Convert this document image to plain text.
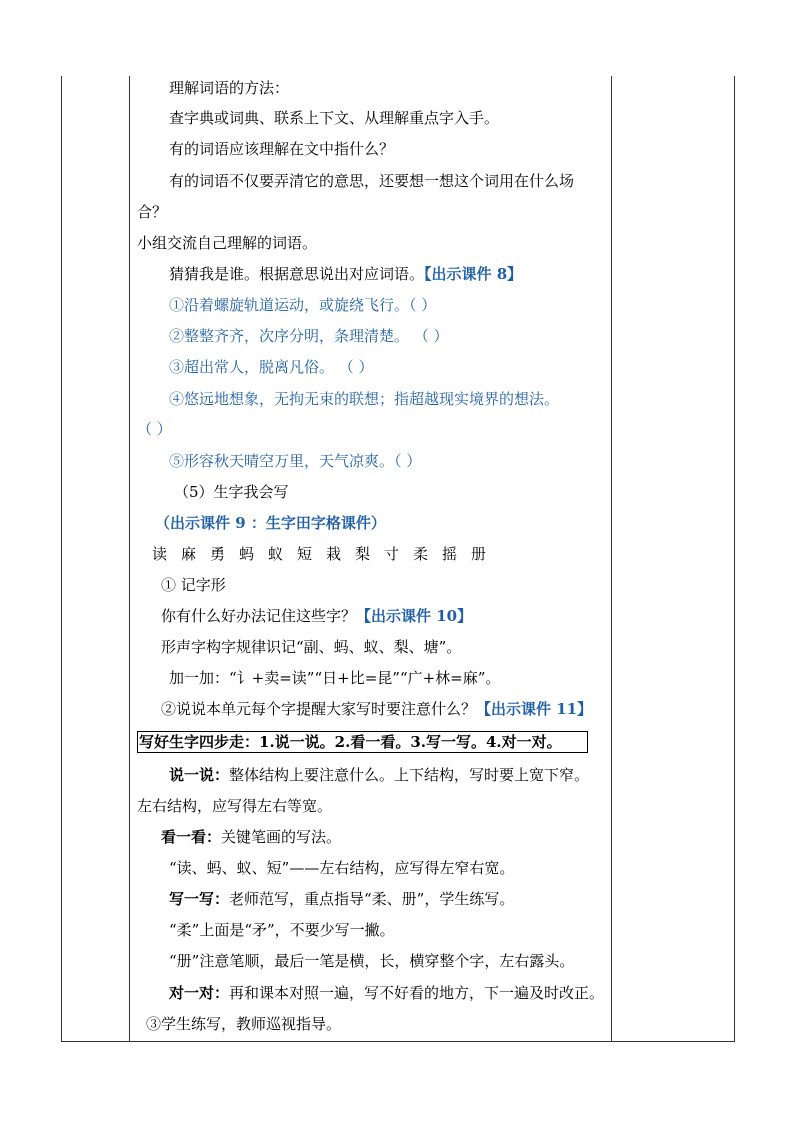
理解词语的方法：
查字典或词典、联系上下文、从理解重点字入手。
有的词语应该理解在文中指什么？
有的词语不仅要弄清它的意思，还要想一想这个词用在什么场
合？
小组交流自己理解的词语。
猜猜我是谁。根据意思说出对应词语。【出示课件 8】
①沿着螺旋轨道运动，或旋绕飞行。（ ）
②整整齐齐，次序分明，条理清楚。 （ ）
③超出常人，脱离凡俗。 （ ）
④悠远地想象，无拘无束的联想；指超越现实境界的想法。
（ ）
⑤形容秋天晴空万里，天气凉爽。（ ）
（5）生字我会写
（出示课件 9 ：生字田字格课件）
读麻勇蚂蚁短栽梨寸柔摇册
① 记字形
你有什么好办法记住这些字？【出示课件 10】
形声字构字规律识记“副、蚂、蚁、梨、塘”。
加一加：“讠+卖=读”“日+比=昆”“广+林=麻”。
②说说本单元每个字提醒大家写时要注意什么？【出示课件 11】
写好生字四步走：1.说一说。2.看一看。3.写一写。4.对一对。
说一说：整体结构上要注意什么。上下结构，写时要上宽下窄。
左右结构，应写得左右等宽。
看一看：关键笔画的写法。
“读、蚂、蚁、短”——左右结构，应写得左窄右宽。
写一写：老师范写，重点指导“柔、册”，学生练写。
“柔”上面是“矛”，不要少写一撇。
“册”注意笔顺，最后一笔是横，长，横穿整个字，左右露头。
对一对：再和课本对照一遍，写不好看的地方，下一遍及时改正。
③学生练写，教师巡视指导。
